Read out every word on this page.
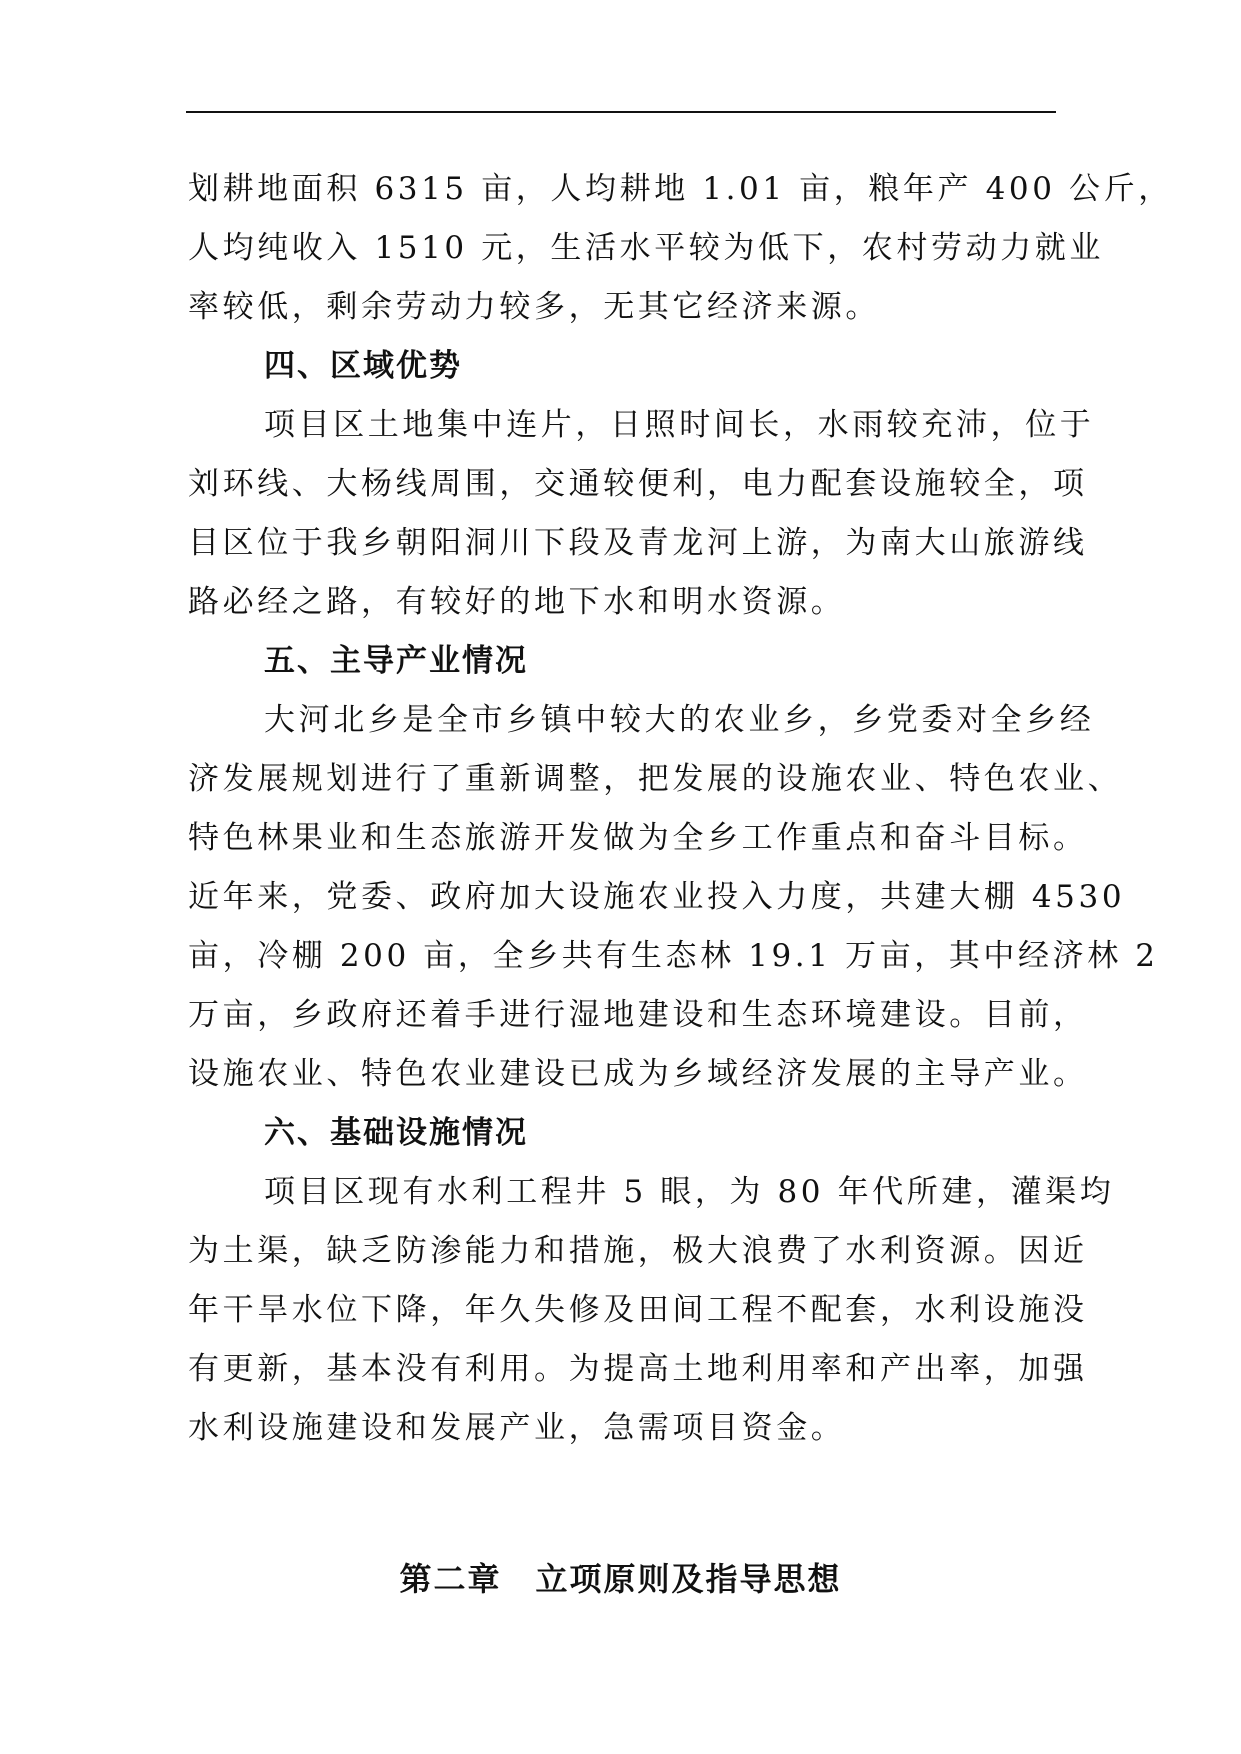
划耕地面积 6315 亩，人均耕地 1.01 亩，粮年产 400 公斤，
人均纯收入 1510 元，生活水平较为低下，农村劳动力就业
率较低，剩余劳动力较多，无其它经济来源。
四、区域优势
项目区土地集中连片，日照时间长，水雨较充沛，位于
刘环线、大杨线周围，交通较便利，电力配套设施较全，项
目区位于我乡朝阳洞川下段及青龙河上游，为南大山旅游线
路必经之路，有较好的地下水和明水资源。
五、主导产业情况
大河北乡是全市乡镇中较大的农业乡，乡党委对全乡经
济发展规划进行了重新调整，把发展的设施农业、特色农业、
特色林果业和生态旅游开发做为全乡工作重点和奋斗目标。
近年来，党委、政府加大设施农业投入力度，共建大棚 4530
亩，冷棚 200 亩，全乡共有生态林 19.1 万亩，其中经济林 2
万亩，乡政府还着手进行湿地建设和生态环境建设。目前，
设施农业、特色农业建设已成为乡域经济发展的主导产业。
六、基础设施情况
项目区现有水利工程井 5 眼，为 80 年代所建，灌渠均
为土渠，缺乏防渗能力和措施，极大浪费了水利资源。因近
年干旱水位下降，年久失修及田间工程不配套，水利设施没
有更新，基本没有利用。为提高土地利用率和产出率，加强
水利设施建设和发展产业，急需项目资金。
第二章　立项原则及指导思想
